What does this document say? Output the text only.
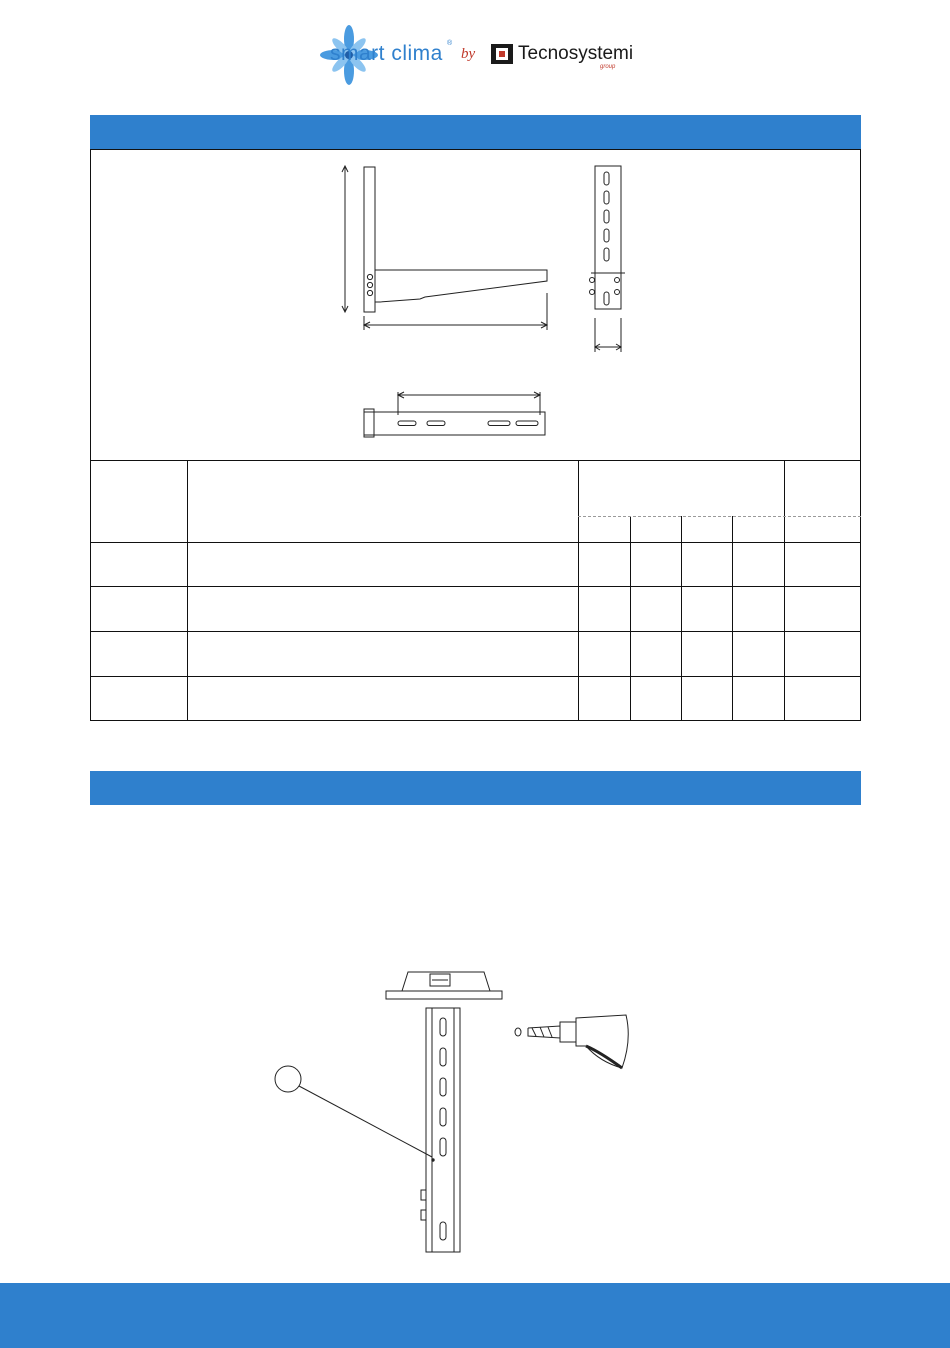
smart clima ®
by Tecnosystemi
group
